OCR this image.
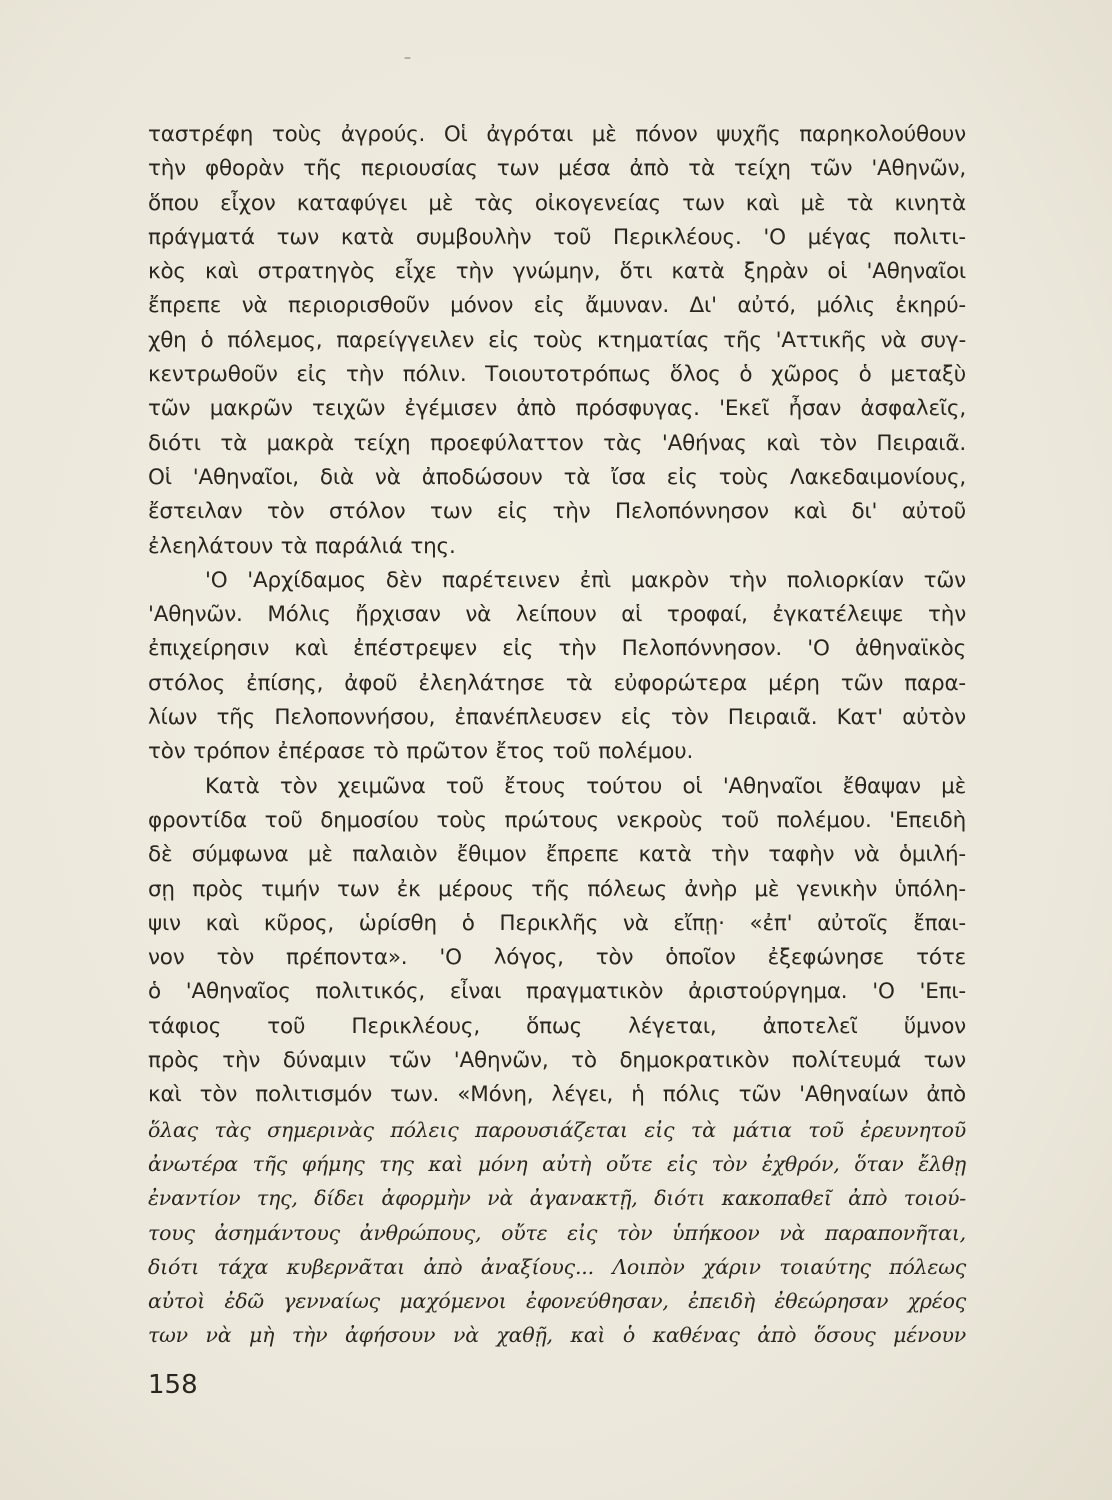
–
ταστρέφη τοὺς ἀγρούς. Οἱ ἀγρόται μὲ πόνον ψυχῆς παρηκολούθουν
τὴν φθορὰν τῆς περιουσίας των μέσα ἀπὸ τὰ τείχη τῶν 'Αθηνῶν,
ὅπου εἶχον καταφύγει μὲ τὰς οἰκογενείας των καὶ μὲ τὰ κινητὰ
πράγματά των κατὰ συμβουλὴν τοῦ Περικλέους. 'Ο μέγας πολιτι-
κὸς καὶ στρατηγὸς εἶχε τὴν γνώμην, ὅτι κατὰ ξηρὰν οἱ 'Αθηναῖοι
ἔπρεπε νὰ περιορισθοῦν μόνον εἰς ἄμυναν. Δι' αὐτό, μόλις ἐκηρύ-
χθη ὁ πόλεμος, παρείγγειλεν εἰς τοὺς κτηματίας τῆς 'Αττικῆς νὰ συγ-
κεντρωθοῦν εἰς τὴν πόλιν. Τοιουτοτρόπως ὅλος ὁ χῶρος ὁ μεταξὺ
τῶν μακρῶν τειχῶν ἐγέμισεν ἀπὸ πρόσφυγας. 'Εκεῖ ἦσαν ἀσφαλεῖς,
διότι τὰ μακρὰ τείχη προεφύλαττον τὰς 'Αθήνας καὶ τὸν Πειραιᾶ.
Οἱ 'Αθηναῖοι, διὰ νὰ ἀποδώσουν τὰ ἴσα εἰς τοὺς Λακεδαιμονίους,
ἔστειλαν τὸν στόλον των εἰς τὴν Πελοπόννησον καὶ δι' αὐτοῦ
ἐλεηλάτουν τὰ παράλιά της.
'Ο 'Αρχίδαμος δὲν παρέτεινεν ἐπὶ μακρὸν τὴν πολιορκίαν τῶν
'Αθηνῶν. Μόλις ἤρχισαν νὰ λείπουν αἱ τροφαί, ἐγκατέλειψε τὴν
ἐπιχείρησιν καὶ ἐπέστρεψεν εἰς τὴν Πελοπόννησον. 'Ο ἀθηναϊκὸς
στόλος ἐπίσης, ἀφοῦ ἐλεηλάτησε τὰ εὐφορώτερα μέρη τῶν παρα-
λίων τῆς Πελοποννήσου, ἐπανέπλευσεν εἰς τὸν Πειραιᾶ. Κατ' αὐτὸν
τὸν τρόπον ἐπέρασε τὸ πρῶτον ἔτος τοῦ πολέμου.
Κατὰ τὸν χειμῶνα τοῦ ἔτους τούτου οἱ 'Αθηναῖοι ἔθαψαν μὲ
φροντίδα τοῦ δημοσίου τοὺς πρώτους νεκροὺς τοῦ πολέμου. 'Επειδὴ
δὲ σύμφωνα μὲ παλαιὸν ἔθιμον ἔπρεπε κατὰ τὴν ταφὴν νὰ ὁμιλή-
σῃ πρὸς τιμήν των ἐκ μέρους τῆς πόλεως ἀνὴρ μὲ γενικὴν ὑπόλη-
ψιν καὶ κῦρος, ὡρίσθη ὁ Περικλῆς νὰ εἴπῃ· «ἐπ' αὐτοῖς ἔπαι-
νον τὸν πρέποντα». 'Ο λόγος, τὸν ὁποῖον ἐξεφώνησε τότε
ὁ 'Αθηναῖος πολιτικός, εἶναι πραγματικὸν ἀριστούργημα. 'Ο 'Επι-
τάφιος τοῦ Περικλέους, ὅπως λέγεται, ἀποτελεῖ ὕμνον
πρὸς τὴν δύναμιν τῶν 'Αθηνῶν, τὸ δημοκρατικὸν πολίτευμά των
καὶ τὸν πολιτισμόν των. «Μόνη, λέγει, ἡ πόλις τῶν 'Αθηναίων ἀπὸ
ὅλας τὰς σημερινὰς πόλεις παρουσιάζεται εἰς τὰ μάτια τοῦ ἐρευνητοῦ
ἀνωτέρα τῆς φήμης της καὶ μόνη αὐτὴ οὔτε εἰς τὸν ἐχθρόν, ὅταν ἔλθῃ
ἐναντίον της, δίδει ἀφορμὴν νὰ ἀγανακτῇ, διότι κακοπαθεῖ ἀπὸ τοιού-
τους ἀσημάντους ἀνθρώπους, οὔτε εἰς τὸν ὑπήκοον νὰ παραπονῆται,
διότι τάχα κυβερνᾶται ἀπὸ ἀναξίους... Λοιπὸν χάριν τοιαύτης πόλεως
αὐτοὶ ἐδῶ γενναίως μαχόμενοι ἐφονεύθησαν, ἐπειδὴ ἐθεώρησαν χρέος
των νὰ μὴ τὴν ἀφήσουν νὰ χαθῇ, καὶ ὁ καθένας ἀπὸ ὅσους μένουν
158
